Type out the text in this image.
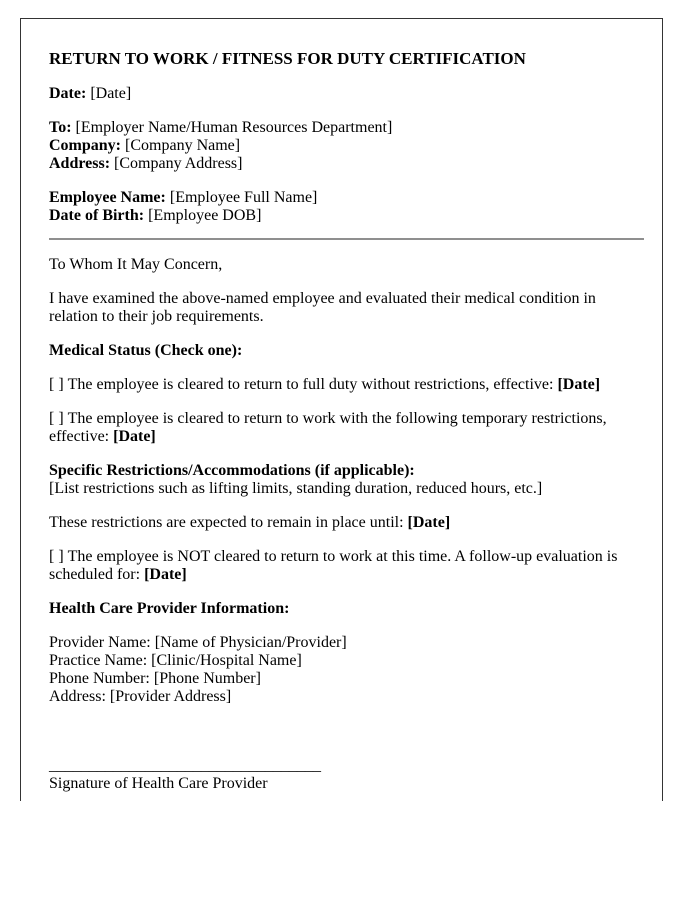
RETURN TO WORK / FITNESS FOR DUTY CERTIFICATION
Date: [Date]
To: [Employer Name/Human Resources Department]
Company: [Company Name]
Address: [Company Address]
Employee Name: [Employee Full Name]
Date of Birth: [Employee DOB]
To Whom It May Concern,
I have examined the above-named employee and evaluated their medical condition in
relation to their job requirements.
Medical Status (Check one):
[ ] The employee is cleared to return to full duty without restrictions, effective: [Date]
[ ] The employee is cleared to return to work with the following temporary restrictions,
effective: [Date]
Specific Restrictions/Accommodations (if applicable):
[List restrictions such as lifting limits, standing duration, reduced hours, etc.]
These restrictions are expected to remain in place until: [Date]
[ ] The employee is NOT cleared to return to work at this time. A follow-up evaluation is
scheduled for: [Date]
Health Care Provider Information:
Provider Name: [Name of Physician/Provider]
Practice Name: [Clinic/Hospital Name]
Phone Number: [Phone Number]
Address: [Provider Address]
__________________________________
Signature of Health Care Provider
